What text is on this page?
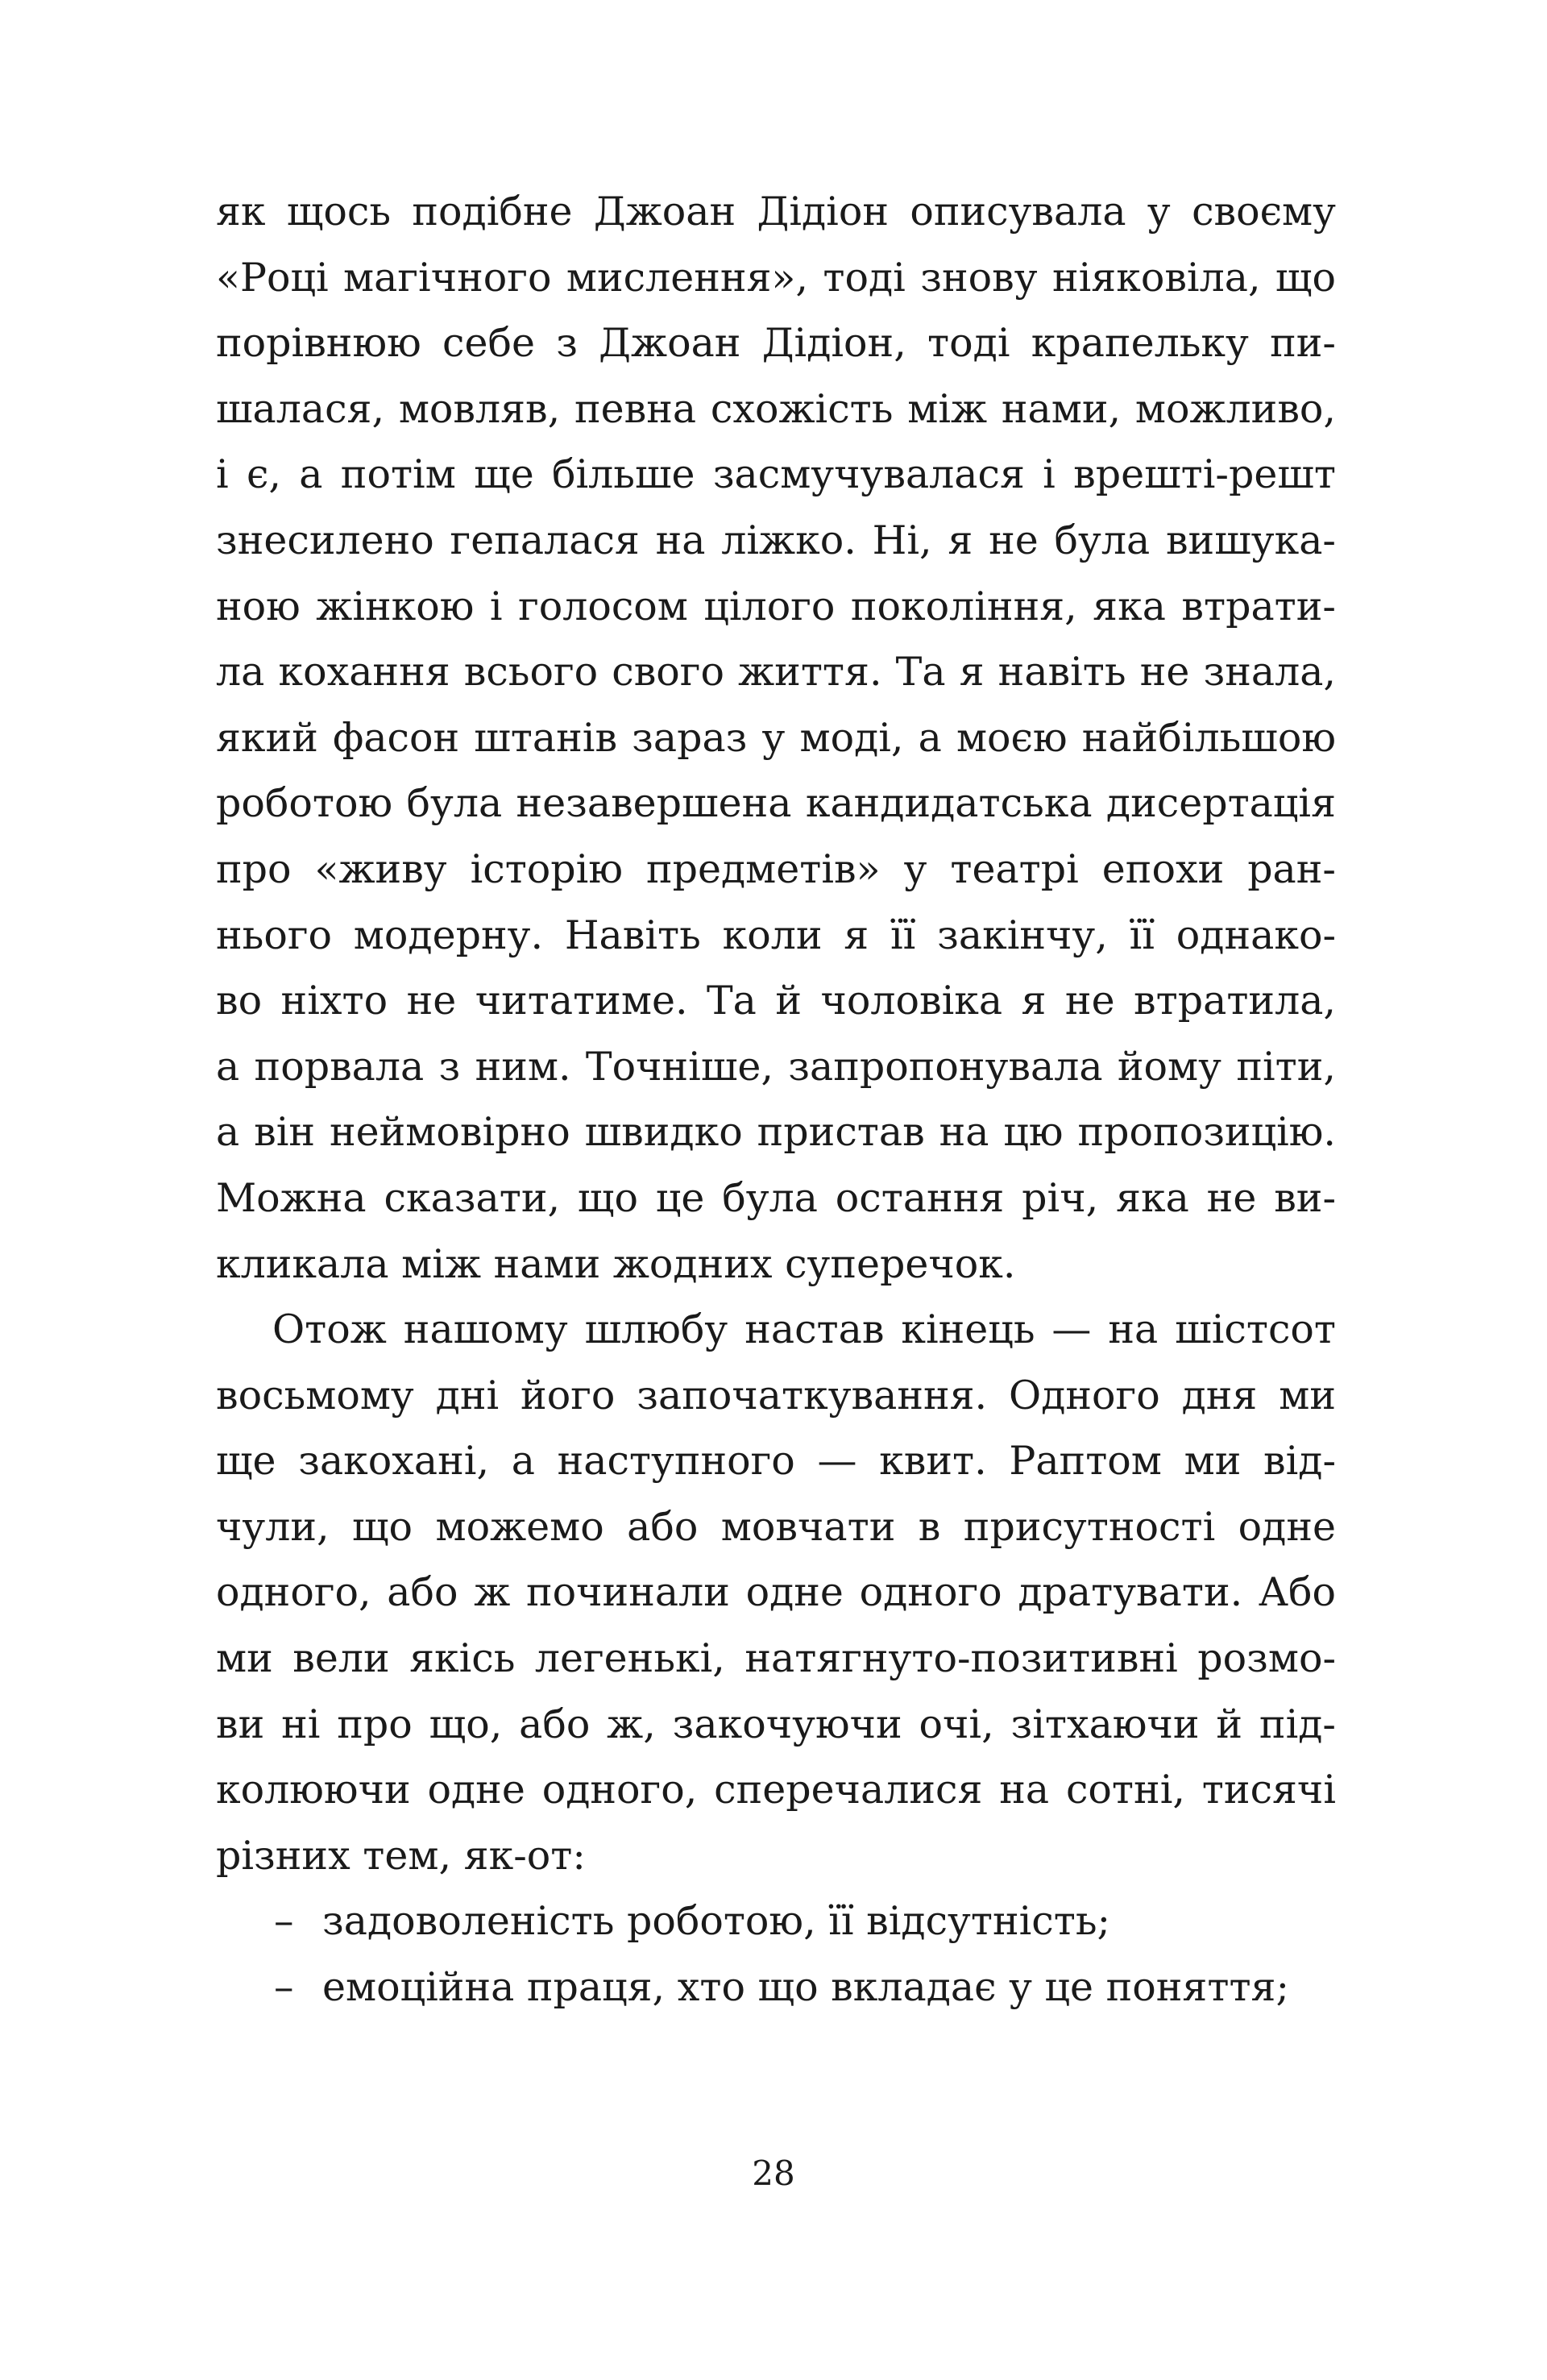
як щось подібне Джоан Дідіон описувала у своєму
«Році магічного мислення», тоді знову ніяковіла, що
порівнюю себе з Джоан Дідіон, тоді крапельку пи-
шалася, мовляв, певна схожість між нами, можливо,
і є, а потім ще більше засмучувалася і врешті-решт
знесилено гепалася на ліжко. Ні, я не була вишука-
ною жінкою і голосом цілого покоління, яка втрати-
ла кохання всього свого життя. Та я навіть не знала,
який фасон штанів зараз у моді, а моєю найбільшою
роботою була незавершена кандидатська дисертація
про «живу історію предметів» у театрі епохи ран-
нього модерну. Навіть коли я її закінчу, її однако-
во ніхто не читатиме. Та й чоловіка я не втратила,
а порвала з ним. Точніше, запропонувала йому піти,
а він неймовірно швидко пристав на цю пропозицію.
Можна сказати, що це була остання річ, яка не ви-
кликала між нами жодних суперечок.
Отож нашому шлюбу настав кінець — на шістсот
восьмому дні його започаткування. Одного дня ми
ще закохані, а наступного — квит. Раптом ми від-
чули, що можемо або мовчати в присутності одне
одного, або ж починали одне одного дратувати. Або
ми вели якісь легенькі, натягнуто-позитивні розмо-
ви ні про що, або ж, закочуючи очі, зітхаючи й під-
колюючи одне одного, сперечалися на сотні, тисячі
різних тем, як-от:
– задоволеність роботою, її відсутність;
– емоційна праця, хто що вкладає у це поняття;
28
